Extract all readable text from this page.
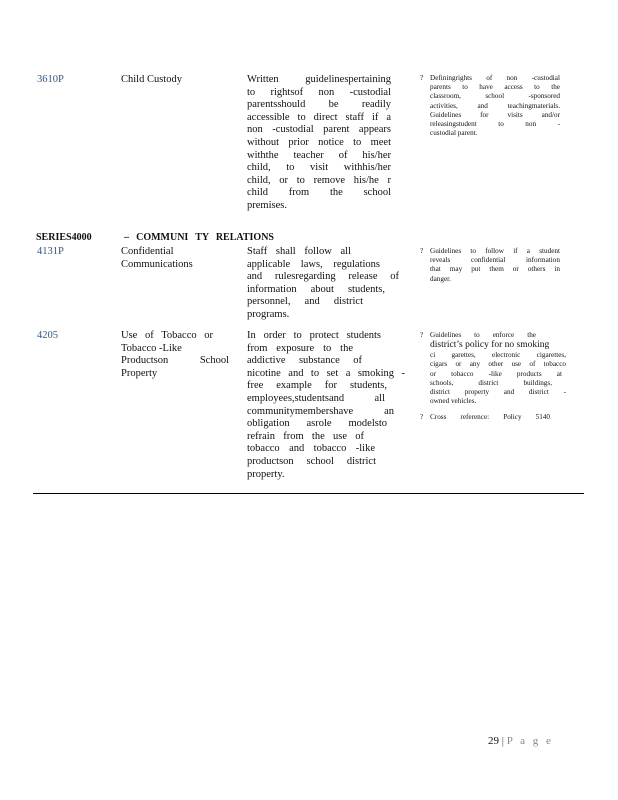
3610P	Child Custody	Written guidelinespertaining
to rightsof non -custodial
parentsshould be readily
accessible to direct staff if a
non -custodial parent appears
without prior notice to meet
withthe teacher of his/her
child, to visit withhis/her
child, or to remove his/he r
child from the school
premises.
? Definingrights of non -custodial
parents to have access to the
classroom, school -sponsored
activities, and teachingmaterials.
Guidelines for visits and/or
releasingstudent to non -
custodial parent.
SERIES4000	– COMMUNI TY RELATIONS
4131P	Confidential
Communications
Staff shall follow all
applicable laws, regulations
and rulesregarding release of
information about students,
personnel, and district
programs.
? Guidelines to follow if a student
reveals confidential information
that may put them or others in
danger.
4205	Use of Tobacco or
Tobacco -Like
Productson School
Property
In order to protect students
from exposure to the
addictive substance of
nicotine and to set a smoking -
free example for students,
employees,studentsand all
communitymembershave an
obligation asrole modelsto
refrain from the use of
tobacco and tobacco -like
productson school district
property.
? Guidelines to enforce the
district’s policy for no smoking
ci garettes, electronic cigarettes,
cigars or any other use of tobacco
or tobacco -like products at
schools, district buildings,
district property and district -
owned vehicles.
? Cross reference: Policy 5140
29 | P a g e
